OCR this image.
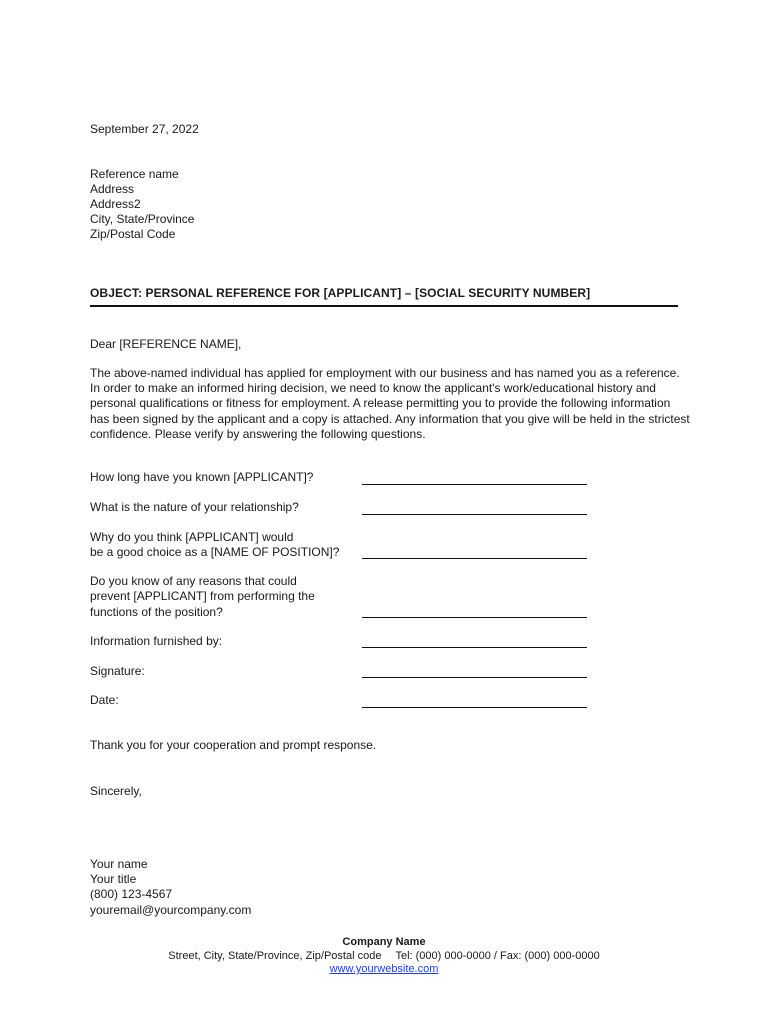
September 27, 2022
Reference name
Address
Address2
City, State/Province
Zip/Postal Code
OBJECT: PERSONAL REFERENCE FOR [APPLICANT] – [SOCIAL SECURITY NUMBER]
Dear [REFERENCE NAME],
The above-named individual has applied for employment with our business and has named you as a reference. In order to make an informed hiring decision, we need to know the applicant's work/educational history and personal qualifications or fitness for employment. A release permitting you to provide the following information has been signed by the applicant and a copy is attached. Any information that you give will be held in the strictest confidence. Please verify by answering the following questions.
How long have you known [APPLICANT]?
What is the nature of your relationship?
Why do you think [APPLICANT] would
be a good choice as a [NAME OF POSITION]?
Do you know of any reasons that could
prevent [APPLICANT] from performing the
functions of the position?
Information furnished by:
Signature:
Date:
Thank you for your cooperation and prompt response.
Sincerely,
Your name
Your title
(800) 123-4567
youremail@yourcompany.com
Company Name
Street, City, State/Province, Zip/Postal code Tel: (000) 000-0000 / Fax: (000) 000-0000
www.yourwebsite.com
